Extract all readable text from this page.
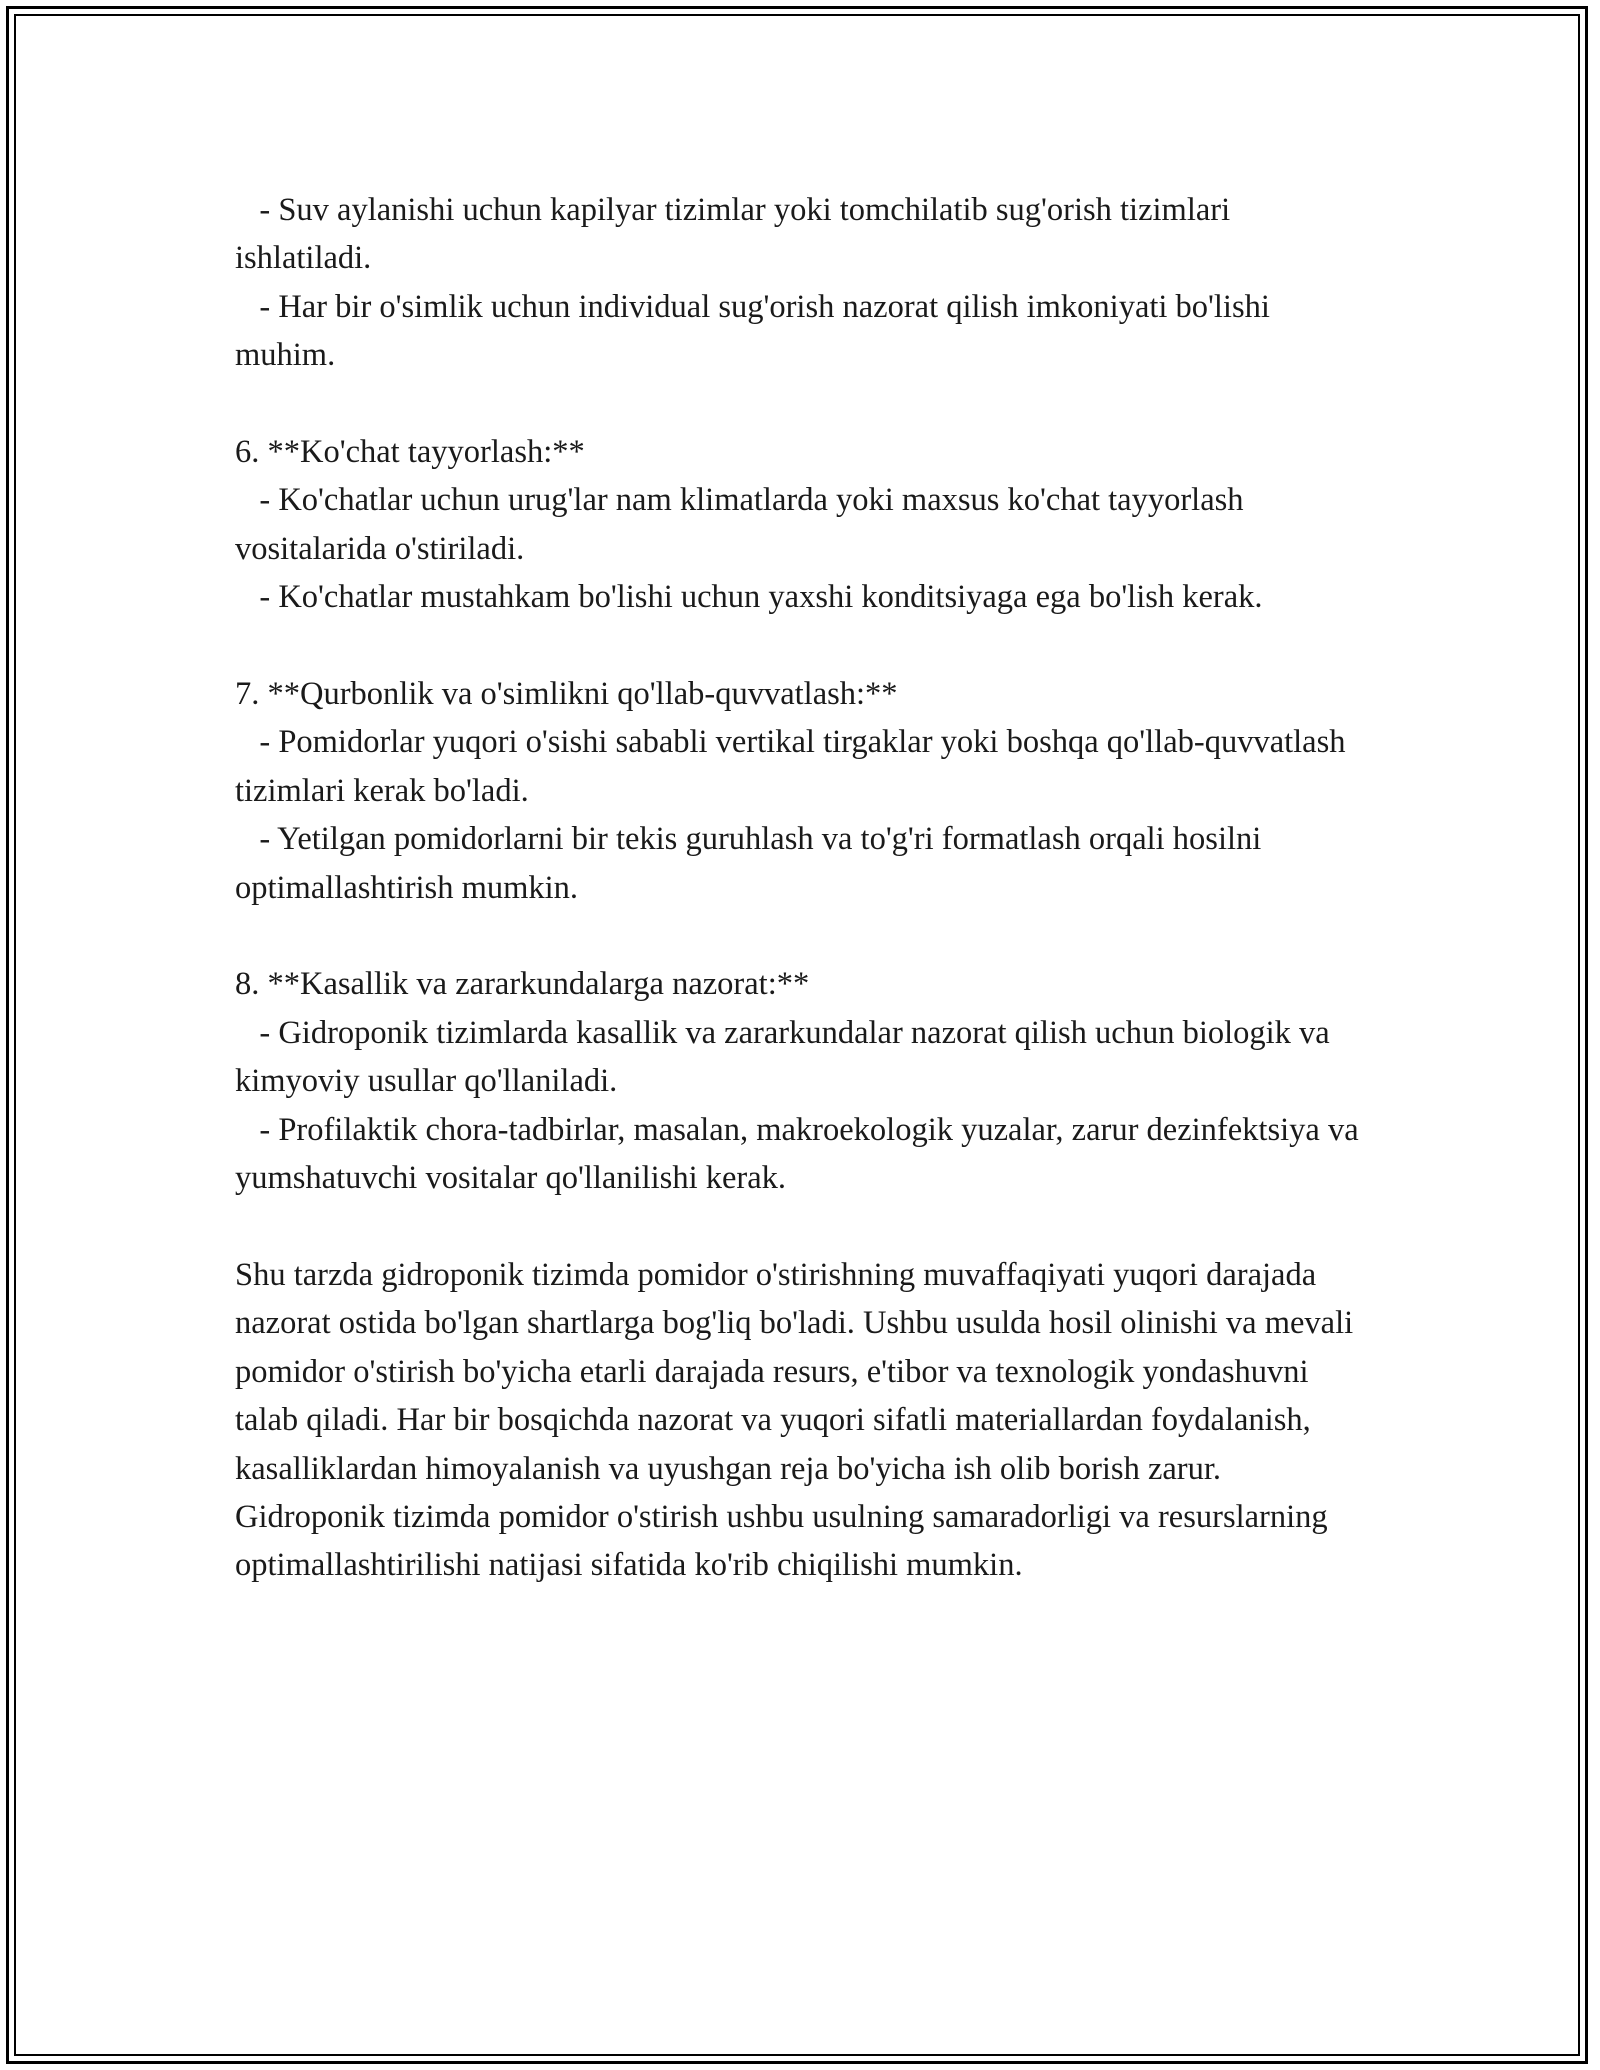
- Suv aylanishi uchun kapilyar tizimlar yoki tomchilatib sug'orish tizimlari ishlatiladi.

- Har bir o'simlik uchun individual sug'orish nazorat qilish imkoniyati bo'lishi muhim.

6. **Ko'chat tayyorlash:**

- Ko'chatlar uchun urug'lar nam klimatlarda yoki maxsus ko'chat tayyorlash vositalarida o'stiriladi.

- Ko'chatlar mustahkam bo'lishi uchun yaxshi konditsiyaga ega bo'lish kerak.

7. **Qurbonlik va o'simlikni qo'llab-quvvatlash:**

- Pomidorlar yuqori o'sishi sababli vertikal tirgaklar yoki boshqa qo'llab-quvvatlash tizimlari kerak bo'ladi.

- Yetilgan pomidorlarni bir tekis guruhlash va to'g'ri formatlash orqali hosilni optimallashtirish mumkin.

8. **Kasallik va zararkundalarga nazorat:**

- Gidroponik tizimlarda kasallik va zararkundalar nazorat qilish uchun biologik va kimyoviy usullar qo'llaniladi.

- Profilaktik chora-tadbirlar, masalan, makroekologik yuzalar, zarur dezinfektsiya va yumshatuvchi vositalar qo'llanilishi kerak.

Shu tarzda gidroponik tizimda pomidor o'stirishning muvaffaqiyati yuqori darajada nazorat ostida bo'lgan shartlarga bog'liq bo'ladi. Ushbu usulda hosil olinishi va mevali pomidor o'stirish bo'yicha etarli darajada resurs, e'tibor va texnologik yondashuvni talab qiladi. Har bir bosqichda nazorat va yuqori sifatli materiallardan foydalanish, kasalliklardan himoyalanish va uyushgan reja bo'yicha ish olib borish zarur. Gidroponik tizimda pomidor o'stirish ushbu usulning samaradorligi va resurslarning optimallashtirilishi natijasi sifatida ko'rib chiqilishi mumkin.
